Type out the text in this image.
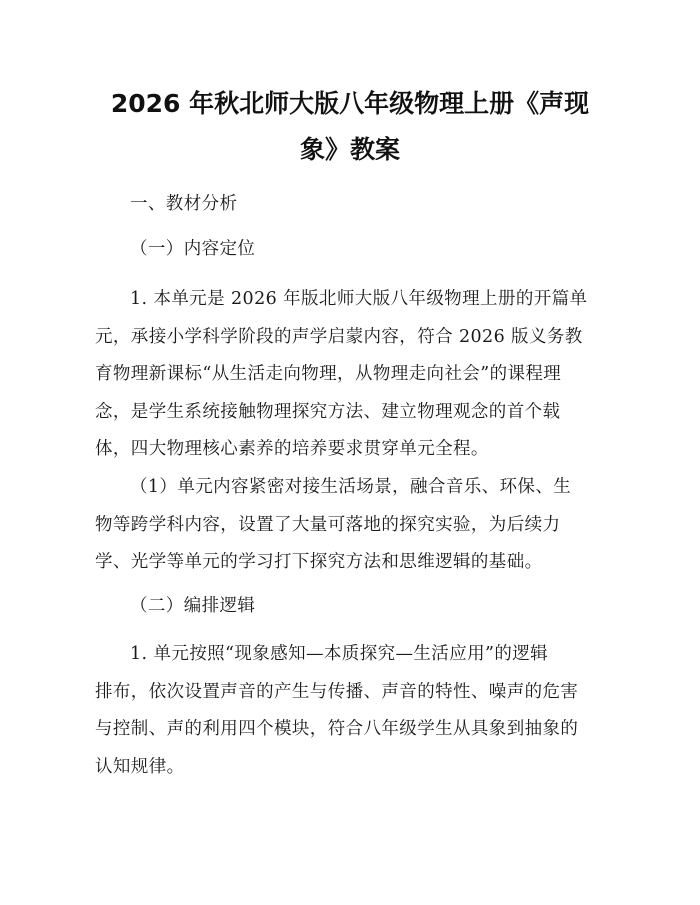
2026 年秋北师大版八年级物理上册《声现
象》教案

一、教材分析

（一）内容定位

1. 本单元是 2026 年版北师大版八年级物理上册的开篇单
元，承接小学科学阶段的声学启蒙内容，符合 2026 版义务教
育物理新课标“从生活走向物理，从物理走向社会”的课程理
念，是学生系统接触物理探究方法、建立物理观念的首个载
体，四大物理核心素养的培养要求贯穿单元全程。
（1）单元内容紧密对接生活场景，融合音乐、环保、生
物等跨学科内容，设置了大量可落地的探究实验，为后续力
学、光学等单元的学习打下探究方法和思维逻辑的基础。

（二）编排逻辑

1. 单元按照“现象感知—本质探究—生活应用”的逻辑
排布，依次设置声音的产生与传播、声音的特性、噪声的危害
与控制、声的利用四个模块，符合八年级学生从具象到抽象的
认知规律。
